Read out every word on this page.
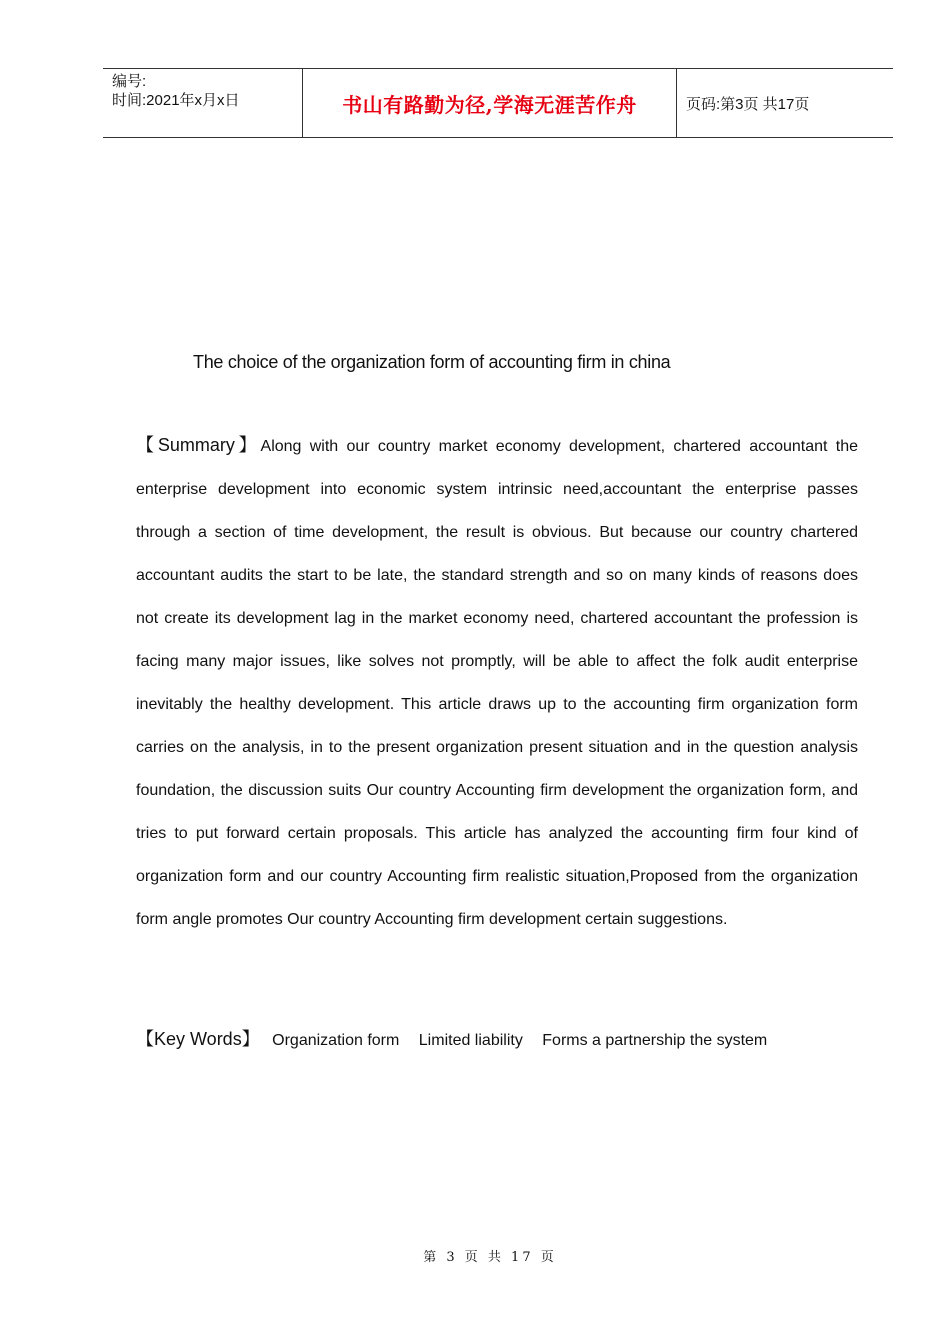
编号:
时间:2021年x月x日	书山有路勤为径,学海无涯苦作舟	页码:第3页 共17页
The choice of the organization form of accounting firm in china
【Summary】Along with our country market economy development, chartered accountant the enterprise development into economic system intrinsic need,accountant the enterprise passes through a section of time development, the result is obvious. But because our country chartered accountant audits the start to be late, the standard strength and so on many kinds of reasons does not create its development lag in the market economy need, chartered accountant the profession is facing many major issues, like solves not promptly, will be able to affect the folk audit enterprise inevitably the healthy development. This article draws up to the accounting firm organization form carries on the analysis, in to the present organization present situation and in the question analysis foundation, the discussion suits Our country Accounting firm development the organization form, and tries to put forward certain proposals. This article has analyzed the accounting firm four kind of organization form and our country Accounting firm realistic situation,Proposed from the organization form angle promotes Our country Accounting firm development certain suggestions.
【Key Words】 Organization form Limited liability Forms a partnership the system
第 3 页 共 17 页
